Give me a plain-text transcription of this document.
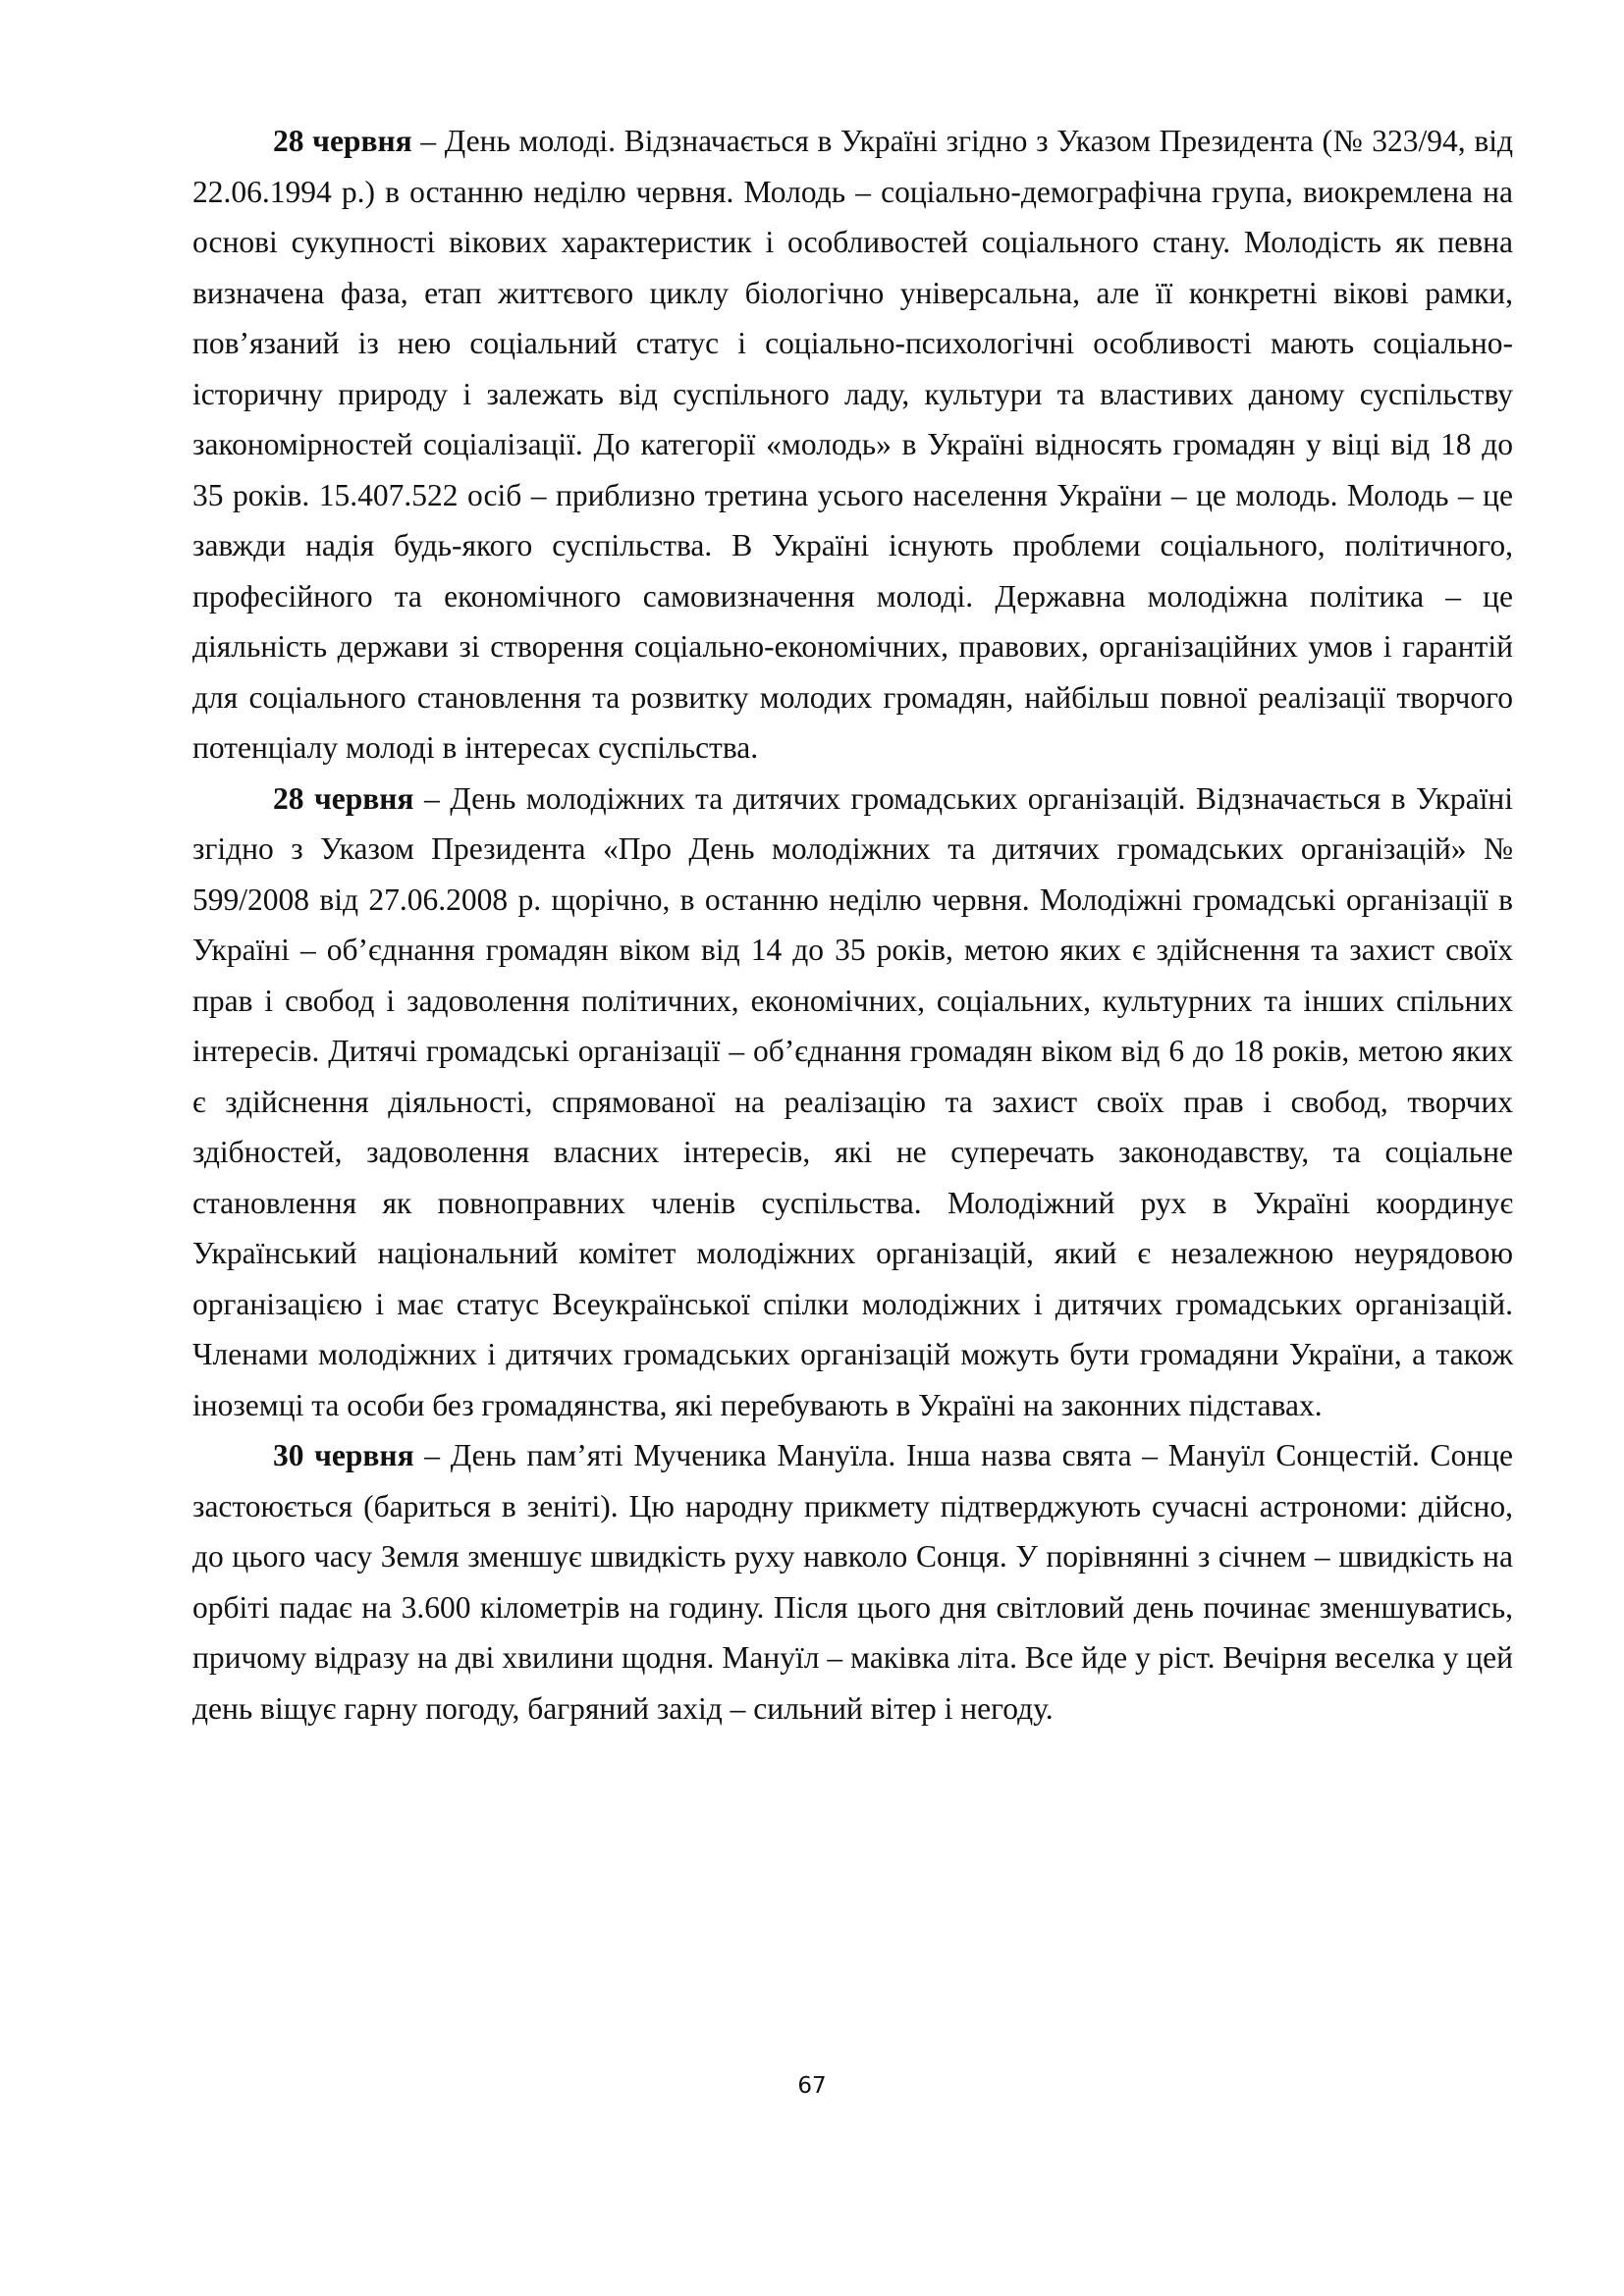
28 червня – День молоді. Відзначається в Україні згідно з Указом Президента (№ 323/94, від 22.06.1994 р.) в останню неділю червня. Молодь – соціально-демографічна група, виокремлена на основі сукупності вікових характеристик і особливостей соціального стану. Молодість як певна визначена фаза, етап життєвого циклу біологічно універсальна, але її конкретні вікові рамки, пов’язаний із нею соціальний статус і соціально-психологічні особливості мають соціально-історичну природу і залежать від суспільного ладу, культури та властивих даному суспільству закономірностей соціалізації. До категорії «молодь» в Україні відносять громадян у віці від 18 до 35 років. 15.407.522 осіб – приблизно третина усього населення України – це молодь. Молодь – це завжди надія будь-якого суспільства. В Україні існують проблеми соціального, політичного, професійного та економічного самовизначення молоді. Державна молодіжна політика – це діяльність держави зі створення соціально-економічних, правових, організаційних умов і гарантій для соціального становлення та розвитку молодих громадян, найбільш повної реалізації творчого потенціалу молоді в інтересах суспільства.

28 червня – День молодіжних та дитячих громадських організацій. Відзначається в Україні згідно з Указом Президента «Про День молодіжних та дитячих громадських організацій» № 599/2008 від 27.06.2008 р. щорічно, в останню неділю червня. Молодіжні громадські організації в Україні – об’єднання громадян віком від 14 до 35 років, метою яких є здійснення та захист своїх прав і свобод і задоволення політичних, економічних, соціальних, культурних та інших спільних інтересів. Дитячі громадські організації – об’єднання громадян віком від 6 до 18 років, метою яких є здійснення діяльності, спрямованої на реалізацію та захист своїх прав і свобод, творчих здібностей, задоволення власних інтересів, які не суперечать законодавству, та соціальне становлення як повноправних членів суспільства. Молодіжний рух в Україні координує Український національний комітет молодіжних організацій, який є незалежною неурядовою організацією і має статус Всеукраїнської спілки молодіжних і дитячих громадських організацій. Членами молодіжних і дитячих громадських організацій можуть бути громадяни України, а також іноземці та особи без громадянства, які перебувають в Україні на законних підставах.

30 червня – День пам’яті Мученика Мануїла. Інша назва свята – Мануїл Сонцестій. Сонце застоюється (бариться в зеніті). Цю народну прикмету підтверджують сучасні астрономи: дійсно, до цього часу Земля зменшує швидкість руху навколо Сонця. У порівнянні з січнем – швидкість на орбіті падає на 3.600 кілометрів на годину. Після цього дня світловий день починає зменшуватись, причому відразу на дві хвилини щодня. Мануїл – маківка літа. Все йде у ріст. Вечірня веселка у цей день віщує гарну погоду, багряний захід – сильний вітер і негоду.

67
